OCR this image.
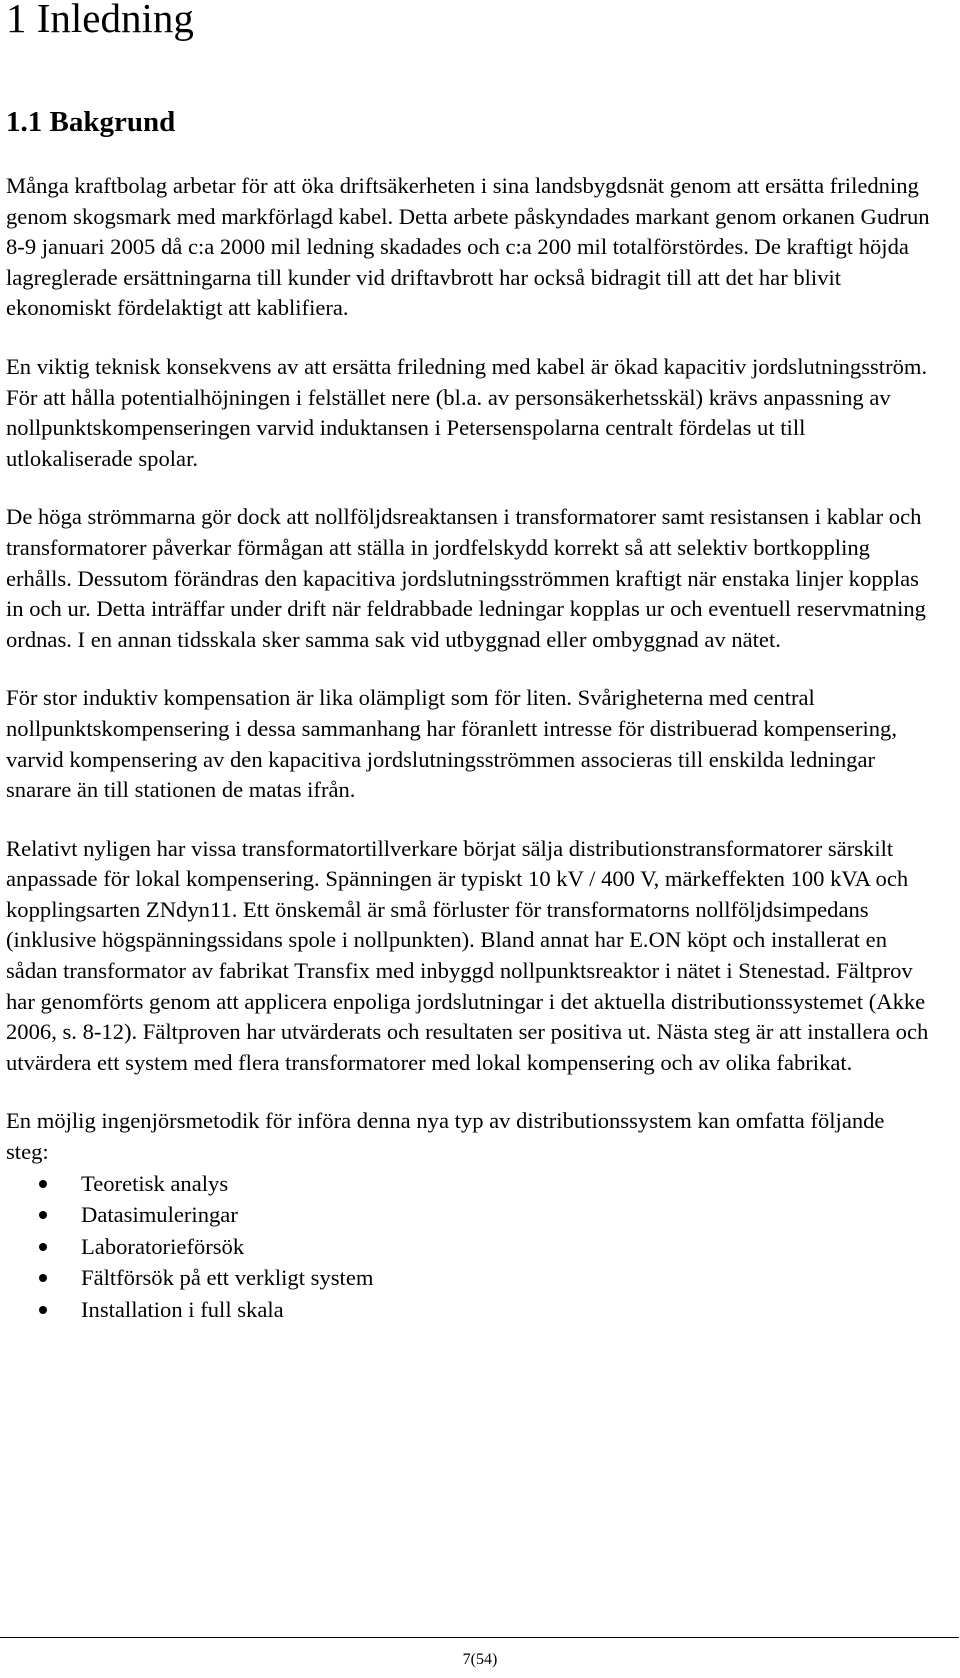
1 Inledning
1.1 Bakgrund

Många kraftbolag arbetar för att öka driftsäkerheten i sina landsbygdsnät genom att ersätta friledning genom skogsmark med markförlagd kabel. Detta arbete påskyndades markant genom orkanen Gudrun 8-9 januari 2005 då c:a 2000 mil ledning skadades och c:a 200 mil totalförstördes. De kraftigt höjda lagreglerade ersättningarna till kunder vid driftavbrott har också bidragit till att det har blivit ekonomiskt fördelaktigt att kablifiera.

En viktig teknisk konsekvens av att ersätta friledning med kabel är ökad kapacitiv jordslutningsström. För att hålla potentialhöjningen i felstället nere (bl.a. av personsäkerhetsskäl) krävs anpassning av nollpunktskompenseringen varvid induktansen i Petersenspolarna centralt fördelas ut till utlokaliserade spolar.

De höga strömmarna gör dock att nollföljdsreaktansen i transformatorer samt resistansen i kablar och transformatorer påverkar förmågan att ställa in jordfelskydd korrekt så att selektiv bortkoppling erhålls. Dessutom förändras den kapacitiva jordslutningsströmmen kraftigt när enstaka linjer kopplas in och ur. Detta inträffar under drift när feldrabbade ledningar kopplas ur och eventuell reservmatning ordnas. I en annan tidsskala sker samma sak vid utbyggnad eller ombyggnad av nätet.

För stor induktiv kompensation är lika olämpligt som för liten. Svårigheterna med central nollpunktskompensering i dessa sammanhang har föranlett intresse för distribuerad kompensering, varvid kompensering av den kapacitiva jordslutningsströmmen associeras till enskilda ledningar snarare än till stationen de matas ifrån.

Relativt nyligen har vissa transformatortillverkare börjat sälja distributionstransformatorer särskilt anpassade för lokal kompensering. Spänningen är typiskt 10 kV / 400 V, märkeffekten 100 kVA och kopplingsarten ZNdyn11. Ett önskemål är små förluster för transformatorns nollföljdsimpedans (inklusive högspänningssidans spole i nollpunkten). Bland annat har E.ON köpt och installerat en sådan transformator av fabrikat Transfix med inbyggd nollpunktsreaktor i nätet i Stenestad. Fältprov har genomförts genom att applicera enpoliga jordslutningar i det aktuella distributionssystemet (Akke 2006, s. 8-12). Fältproven har utvärderats och resultaten ser positiva ut. Nästa steg är att installera och utvärdera ett system med flera transformatorer med lokal kompensering och av olika fabrikat.

En möjlig ingenjörsmetodik för införa denna nya typ av distributionssystem kan omfatta följande steg:

Teoretisk analys
Datasimuleringar
Laboratorieförsök
Fältförsök på ett verkligt system
Installation i full skala
7(54)
